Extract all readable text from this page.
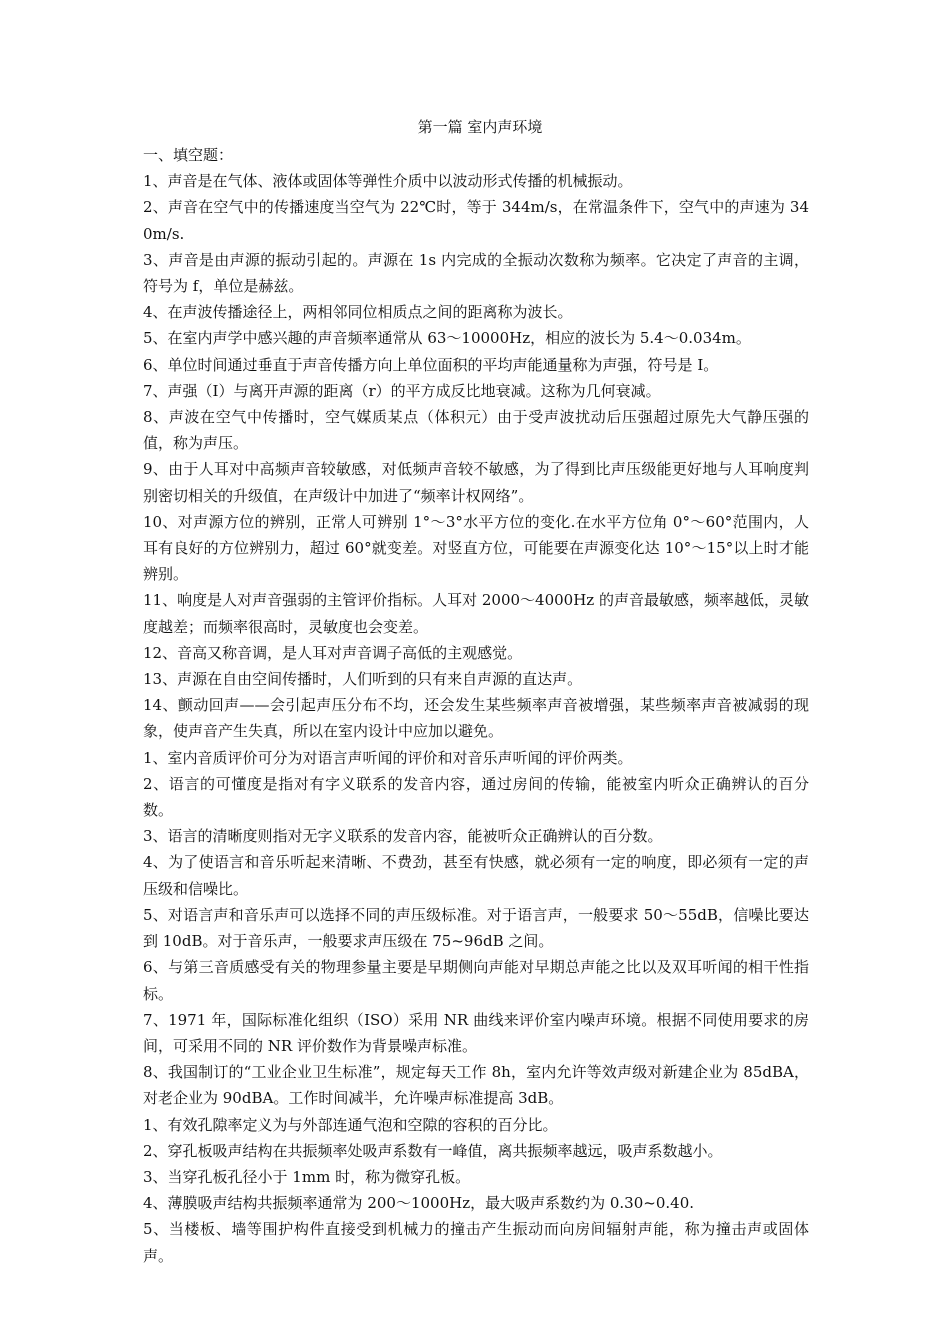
第一篇 室内声环境
一、填空题：

1、声音是在气体、液体或固体等弹性介质中以波动形式传播的机械振动。

2、声音在空气中的传播速度当空气为 22℃时，等于 344m/s，在常温条件下，空气中的声速为 340m/s.

3、声音是由声源的振动引起的。声源在 1s 内完成的全振动次数称为频率。它决定了声音的主调，符号为 f，单位是赫兹。

4、在声波传播途径上，两相邻同位相质点之间的距离称为波长。

5、在室内声学中感兴趣的声音频率通常从 63～10000Hz，相应的波长为 5.4～0.034m。

6、单位时间通过垂直于声音传播方向上单位面积的平均声能通量称为声强，符号是 I。

7、声强（I）与离开声源的距离（r）的平方成反比地衰减。这称为几何衰减。

8、声波在空气中传播时，空气媒质某点（体积元）由于受声波扰动后压强超过原先大气静压强的值，称为声压。

9、由于人耳对中高频声音较敏感，对低频声音较不敏感，为了得到比声压级能更好地与人耳响度判别密切相关的升级值，在声级计中加进了“频率计权网络”。

10、对声源方位的辨别，正常人可辨别 1°～3°水平方位的变化.在水平方位角 0°～60°范围内，人耳有良好的方位辨别力，超过 60°就变差。对竖直方位，可能要在声源变化达 10°～15°以上时才能辨别。

11、响度是人对声音强弱的主管评价指标。人耳对 2000～4000Hz 的声音最敏感，频率越低，灵敏度越差；而频率很高时，灵敏度也会变差。

12、音高又称音调，是人耳对声音调子高低的主观感觉。

13、声源在自由空间传播时，人们听到的只有来自声源的直达声。

14、颤动回声——会引起声压分布不均，还会发生某些频率声音被增强，某些频率声音被减弱的现象，使声音产生失真，所以在室内设计中应加以避免。

1、室内音质评价可分为对语言声听闻的评价和对音乐声听闻的评价两类。

2、语言的可懂度是指对有字义联系的发音内容，通过房间的传输，能被室内听众正确辨认的百分数。

3、语言的清晰度则指对无字义联系的发音内容，能被听众正确辨认的百分数。

4、为了使语言和音乐听起来清晰、不费劲，甚至有快感，就必须有一定的响度，即必须有一定的声压级和信噪比。

5、对语言声和音乐声可以选择不同的声压级标准。对于语言声，一般要求 50～55dB，信噪比要达到 10dB。对于音乐声，一般要求声压级在 75~96dB 之间。

6、与第三音质感受有关的物理参量主要是早期侧向声能对早期总声能之比以及双耳听闻的相干性指标。

7、1971 年，国际标准化组织（ISO）采用 NR 曲线来评价室内噪声环境。根据不同使用要求的房间，可采用不同的 NR 评价数作为背景噪声标准。

8、我国制订的“工业企业卫生标准”，规定每天工作 8h，室内允许等效声级对新建企业为 85dBA，对老企业为 90dBA。工作时间减半，允许噪声标准提高 3dB。

1、有效孔隙率定义为与外部连通气泡和空隙的容积的百分比。

2、穿孔板吸声结构在共振频率处吸声系数有一峰值，离共振频率越远，吸声系数越小。

3、当穿孔板孔径小于 1mm 时，称为微穿孔板。

4、薄膜吸声结构共振频率通常为 200～1000Hz，最大吸声系数约为 0.30~0.40.

5、当楼板、墙等围护构件直接受到机械力的撞击产生振动而向房间辐射声能，称为撞击声或固体声。
